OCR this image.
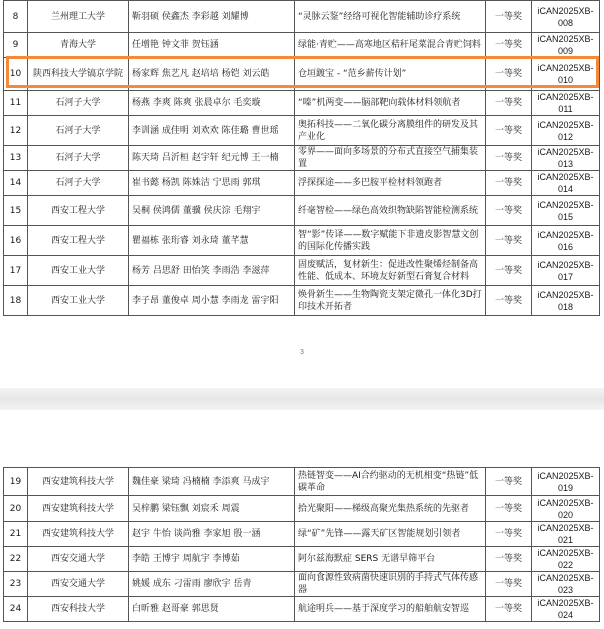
8	兰州理工大学	靳羽硕 侯鑫杰 李彩越 刘耀博	“灵脉云鉴”经络可视化智能辅助诊疗系统	一等奖	iCAN2025XB-008
9	青海大学	任增艳 钟文菲 贺钰涵	绿能·青贮——高寒地区秸秆尾菜混合青贮饲料	一等奖	iCAN2025XB-009
10	陕西科技大学镐京学院	杨家辉 焦艺凡 赵培培 杨铠 刘云皓	仓垣踱宝 - “范乡薪传计划”	一等奖	iCAN2025XB-010
11	石河子大学	杨燕 李爽 陈爽 张晨卓尔 毛奕璇	“嗪”机两变——脑部靶向载体材料领航者	一等奖	iCAN2025XB-011
12	石河子大学	李训涵 成佳明 刘欢欢 陈佳璐 曹世瑶	奥拓科技——二氧化碳分离膜组件的研发及其产业化	一等奖	iCAN2025XB-012
13	石河子大学	陈天琦 吕沂桓 赵宇轩 纪元博 王一楠	零界——面向多场景的分布式直接空气捕集装置	一等奖	iCAN2025XB-013
14	石河子大学	崔书懿 杨凯 陈姝洁 宁思雨 郭琪	浮探探途——多巴胺平检材料领跑者	一等奖	iCAN2025XB-014
15	西安工程大学	吴桐 侯鸿儒 董骥 侯庆淙 毛翔宇	纤毫智检——绿色高效织物缺陷智能检测系统	一等奖	iCAN2025XB-015
16	西安工程大学	瞿福栋 张珩睿 刘永琦 董芊慧	智“影”传译——数字赋能下非遗皮影智慧文创的国际化传播实践	一等奖	iCAN2025XB-016
17	西安工业大学	杨芳 吕思舒 田怡笑 李雨浩 李滋萍	固废赋活，复材新生：促进改性聚烯烃制备高性能、低成本、环境友好新型石膏复合材料	一等奖	iCAN2025XB-017
18	西安工业大学	李子昂 董俊卓 周小慧 李雨龙 雷宇阳	焕骨新生——生物陶瓷支架定微孔一体化3D打印技术开拓者	一等奖	iCAN2025XB-018
3
19	西安建筑科技大学	魏佳豪 梁琦 冯楠楠 李添爽 马成宇	热链智变——AI合约驱动的无机相变“热链”低碳革命	一等奖	iCAN2025XB-019
20	西安建筑科技大学	吴梓鹏 梁钰飘 刘宸禾 周震	拾光聚阳——梯级高聚光集热系统的先驱者	一等奖	iCAN2025XB-020
21	西安建筑科技大学	赵宇 牛怡 谈尚雅 李家旭 殷一涵	绿“矿”先锋——露天矿区智能规划引领者	一等奖	iCAN2025XB-021
22	西安交通大学	李皓 王博宇 周航宇 李博茹	阿尔兹海默症 SERS 无谱早筛平台	一等奖	iCAN2025XB-022
23	西安交通大学	姚媛 成东 刁雷雨 廖欣宇 岳青	面向食源性致病菌快速识别的手持式气体传感器	一等奖	iCAN2025XB-023
24	西安科技大学	白昕雅 赵哥豪 郭思贤	航途明兵——基于深度学习的船舶航安智巡	一等奖	iCAN2025XB-024
